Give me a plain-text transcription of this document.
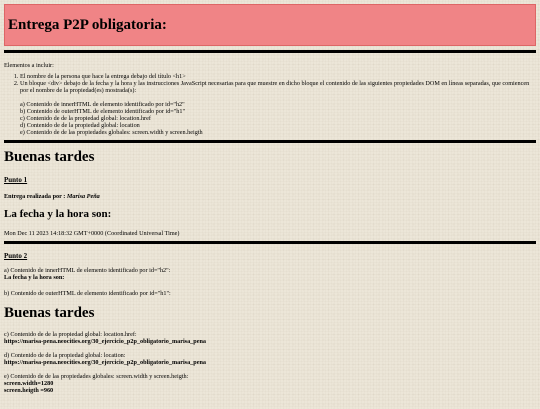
Entrega P2P obligatoria:
Elementos a incluir:
1. El nombre de la persona que hace la entrega debajo del título <h1>
2. Un bloque <div> debajo de la fecha y la hora y las instrucciones JavaScript necesarias para que muestre en dicho bloque el contenido de las siguientes propiedades DOM en líneas separadas, que comiencen por el nombre de la propiedad(es) mostrada(s):
a) Contenido de innerHTML de elemento identificado por id="h2"
b) Contenido de outerHTML de elemento identificado por id="h1"
c) Contenido de de la propiedad global: location.href
d) Contenido de de la propiedad global: location
e) Contenido de de las propiedades globales: screen.width y screen.heigth
Buenas tardes
Punto 1
Entrega realizada por : Marisa Peña
La fecha y la hora son:
Mon Dec 11 2023 14:18:32 GMT+0000 (Coordinated Universal Time)
Punto 2
a) Contenido de innerHTML de elemento identificado por id="h2":
La fecha y la hora son:
b) Contenido de outerHTML de elemento identificado por id="h1":
Buenas tardes
c) Contenido de de la propiedad global: location.href:
https://marisa-pena.neocities.org/30_ejercicio_p2p_obligatorio_marisa_pena
d) Contenido de de la propiedad global: location:
https://marisa-pena.neocities.org/30_ejercicio_p2p_obligatorio_marisa_pena
e) Contenido de de las propiedades globales: screen.width y screen.heigth:
screen.width=1280
screen.heigth =960
